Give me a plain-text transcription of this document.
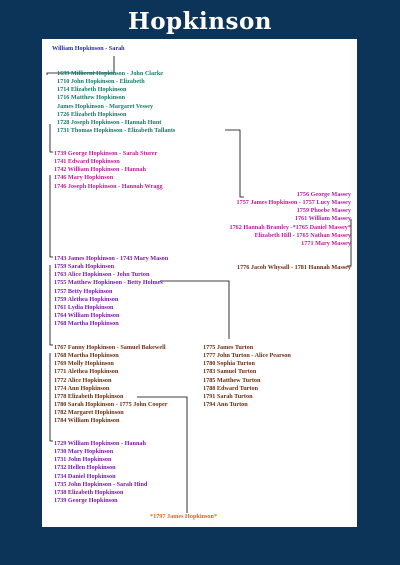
Hopkinson
William Hopkinson - Sarah
1699 Millicent Hopkinson - John Clarke
1710 John Hopkinson - Elizabeth
1714 Elizabeth Hopkinson
1716 Matthew Hopkinson
James Hopkinson - Margaret Vessey
1726 Elizabeth Hopkinson
1728 Joseph Hopkinson - Hannah Hunt
1731 Thomas Hopkinson - Elizabeth Tallants
1739 George Hopkinson - Sarah Sturer
1741 Edward Hopkinson
1742 William Hopkinson - Hannah
1746 Mary Hopkinson
1746 Joseph Hopkinson - Hannah Wragg
1756 George Massey
1757 James Hopkinson - 1757 Lucy Massey
1759 Phoebe Massey
1761 William Massey
1762 Hannah Bramley -*1765 Daniel Massey*
Elizabeth Hill - 1765 Nathan Massey
1771 Mary Massey
1776 Jacob Whysall - 1781 Hannah Massey
1743 James Hopkinson - 1743 Mary Mason
1759 Sarah Hopkinson
1763 Alice Hopkinson - John Turton
1755 Matthew Hopkinson - Betty Holmes
1757 Betty Hopkinson
1759 Alethea Hopkinson
1761 Lydia Hopkinson
1764 William Hopkinson
1768 Martha Hopkinson
1767 Fanny Hopkinson - Samuel Bakewell
1768 Martha Hopkinson
1769 Molly Hopkinson
1771 Alethea Hopkinson
1772 Alice Hopkinson
1774 Ann Hopkinson
1778 Elizabeth Hopkinson
1780 Sarah Hopkinson - 1775 John Cooper
1782 Margaret Hopkinson
1784 William Hopkinson
1775 James Turton
1777 John Turton - Alice Pearson
1780 Sophia Turton
1783 Samuel Turton
1785 Matthew Turton
1788 Edward Turton
1791 Sarah Turton
1794 Ann Turton
1729 William Hopkinson - Hannah
1730 Mary Hopkinson
1731 John Hopkinson
1732 Hellen Hopkinson
1734 Daniel Hopkinson
1735 John Hopkinson - Sarah Hind
1738 Elizabeth Hopkinson
1739 George Hopkinson
*1797 James Hopkinson*
